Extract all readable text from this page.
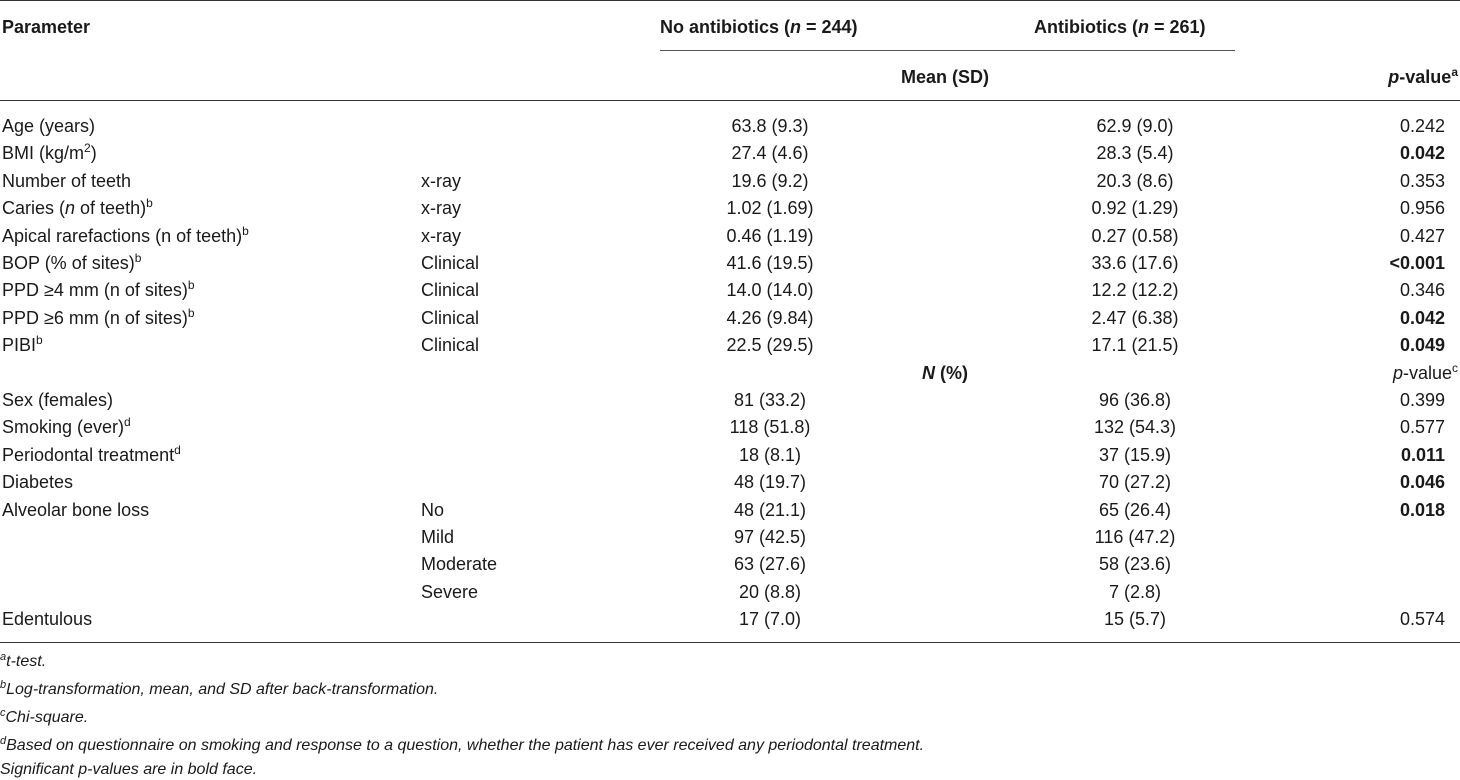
Parameter	No antibiotics (n = 244)	Antibiotics (n = 261)
Mean (SD)	p-value$^a$
Age (years)	63.8 (9.3)	62.9 (9.0)	0.242
BMI $(kg/m^2)$	27.4 (4.6)	28.3 (5.4)	0.042
Number of teeth	x-ray	19.6 (9.2)	20.3 (8.6)	0.353
Caries (n of teeth)$^b$	x-ray	1.02 (1.69)	0.92 (1.29)	0.956
Apical rarefactions (n of teeth)$^b$	x-ray	0.46 (1.19)	0.27 (0.58)	0.427
BOP (% of sites)$^b$	Clinical	41.6 (19.5)	33.6 (17.6)	<0.001
PPD ≥4 mm (n of sites)$^b$	Clinical	14.0 (14.0)	12.2 (12.2)	0.346
PPD ≥6 mm (n of sites)$^b$	Clinical	4.26 (9.84)	2.47 (6.38)	0.042
PIBI$^b$	Clinical	22.5 (29.5)	17.1 (21.5)	0.049
N (%)	p-value$^c$
Sex (females)	81 (33.2)	96 (36.8)	0.399
Smoking (ever)$^d$	118 (51.8)	132 (54.3)	0.577
Periodontal treatment$^d$	18 (8.1)	37 (15.9)	0.011
Diabetes	48 (19.7)	70 (27.2)	0.046
Alveolar bone loss	No	48 (21.1)	65 (26.4)	0.018
Mild	97 (42.5)	116 (47.2)
Moderate	63 (27.6)	58 (23.6)
Severe	20 (8.8)	7 (2.8)
Edentulous	17 (7.0)	15 (5.7)	0.574
$^a$t-test.
$^b$Log-transformation, mean, and SD after back-transformation.
$^c$Chi-square.
$^d$Based on questionnaire on smoking and response to a question, whether the patient has ever received any periodontal treatment.
Significant p-values are in bold face.
